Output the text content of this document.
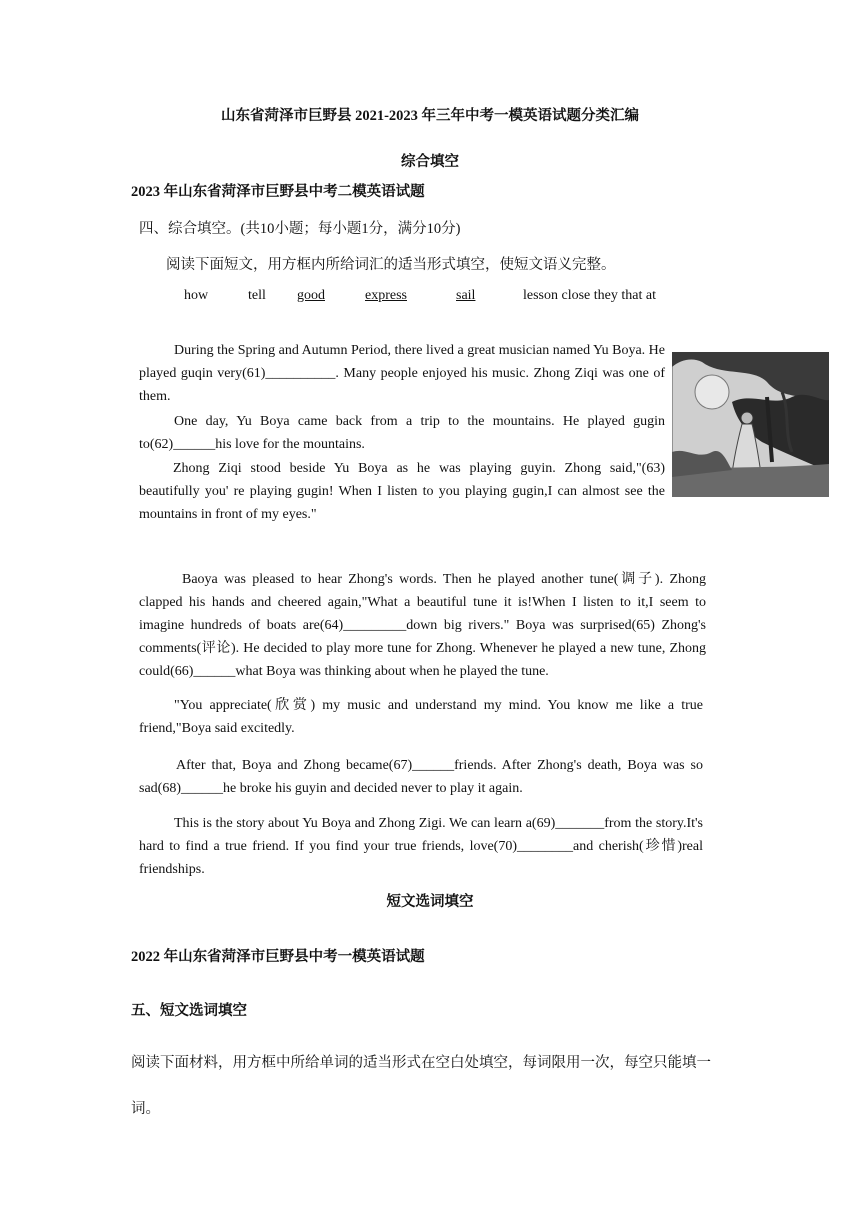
山东省菏泽市巨野县 2021-2023 年三年中考一模英语试题分类汇编
综合填空
2023 年山东省菏泽市巨野县中考二模英语试题
四、综合填空。(共10小题；每小题1分，满分10分)
阅读下面短文，用方框内所给词汇的适当形式填空，使短文语义完整。
how	tell good	express	sail	lesson close they that at
During the Spring and Autumn Period, there lived a great musician named Yu Boya. He played guqin very(61)__________. Many people enjoyed his music. Zhong Ziqi was one of them.
One day, Yu Boya came back from a trip to the mountains. He played gugin to(62)______his love for the mountains.
Zhong Ziqi stood beside Yu Boya as he was playing guyin. Zhong said,"(63) beautifully you' re playing gugin! When I listen to you playing gugin,I can almost see the mountains in front of my eyes."
Baoya was pleased to hear Zhong's words. Then he played another tune(调子). Zhong clapped his hands and cheered again,"What a beautiful tune it is!When I listen to it,I seem to imagine hundreds of boats are(64)_________down big rivers." Boya was surprised(65) Zhong's comments(评论). He decided to play more tune for Zhong. Whenever he played a new tune, Zhong could(66)______what Boya was thinking about when he played the tune.
"You appreciate(欣赏) my music and understand my mind. You know me like a true friend,"Boya said excitedly.
After that, Boya and Zhong became(67)______friends. After Zhong's death, Boya was so sad(68)______he broke his guyin and decided never to play it again.
This is the story about Yu Boya and Zhong Zigi. We can learn a(69)_______from the story.It's hard to find a true friend. If you find your true friends, love(70)________and cherish(珍惜)real friendships.
短文选词填空
2022 年山东省菏泽市巨野县中考一模英语试题
五、短文选词填空
阅读下面材料，用方框中所给单词的适当形式在空白处填空，每词限用一次，每空只能填一
词。
